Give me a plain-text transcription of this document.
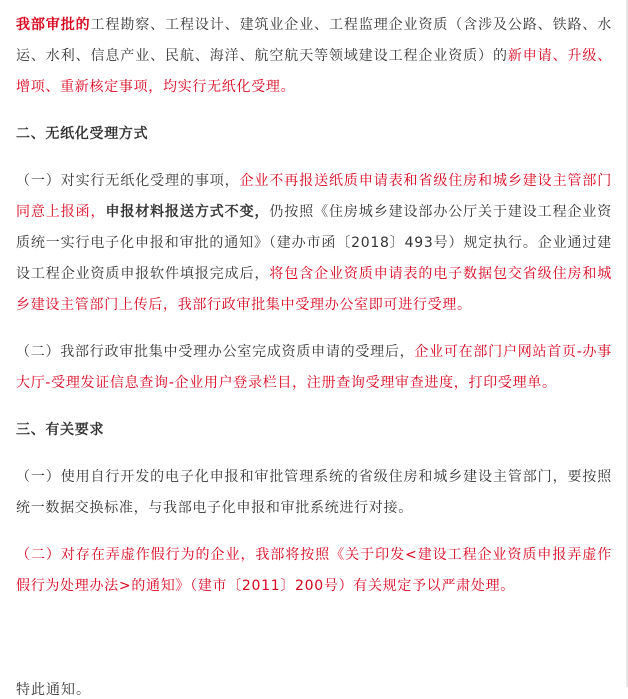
我部审批的工程勘察、工程设计、建筑业企业、工程监理企业资质（含涉及公路、铁路、水运、水利、信息产业、民航、海洋、航空航天等领域建设工程企业资质）的新申请、升级、增项、重新核定事项，均实行无纸化受理。

二、无纸化受理方式

（一）对实行无纸化受理的事项，企业不再报送纸质申请表和省级住房和城乡建设主管部门同意上报函，申报材料报送方式不变，仍按照《住房城乡建设部办公厅关于建设工程企业资质统一实行电子化申报和审批的通知》（建办市函〔2018〕493号）规定执行。企业通过建设工程企业资质申报软件填报完成后，将包含企业资质申请表的电子数据包交省级住房和城乡建设主管部门上传后，我部行政审批集中受理办公室即可进行受理。

（二）我部行政审批集中受理办公室完成资质申请的受理后，企业可在部门户网站首页-办事大厅-受理发证信息查询-企业用户登录栏目，注册查询受理审查进度，打印受理单。

三、有关要求

（一）使用自行开发的电子化申报和审批管理系统的省级住房和城乡建设主管部门，要按照统一数据交换标准，与我部电子化申报和审批系统进行对接。

（二）对存在弄虚作假行为的企业，我部将按照《关于印发<建设工程企业资质申报弄虚作假行为处理办法>的通知》（建市〔2011〕200号）有关规定予以严肃处理。

特此通知。
